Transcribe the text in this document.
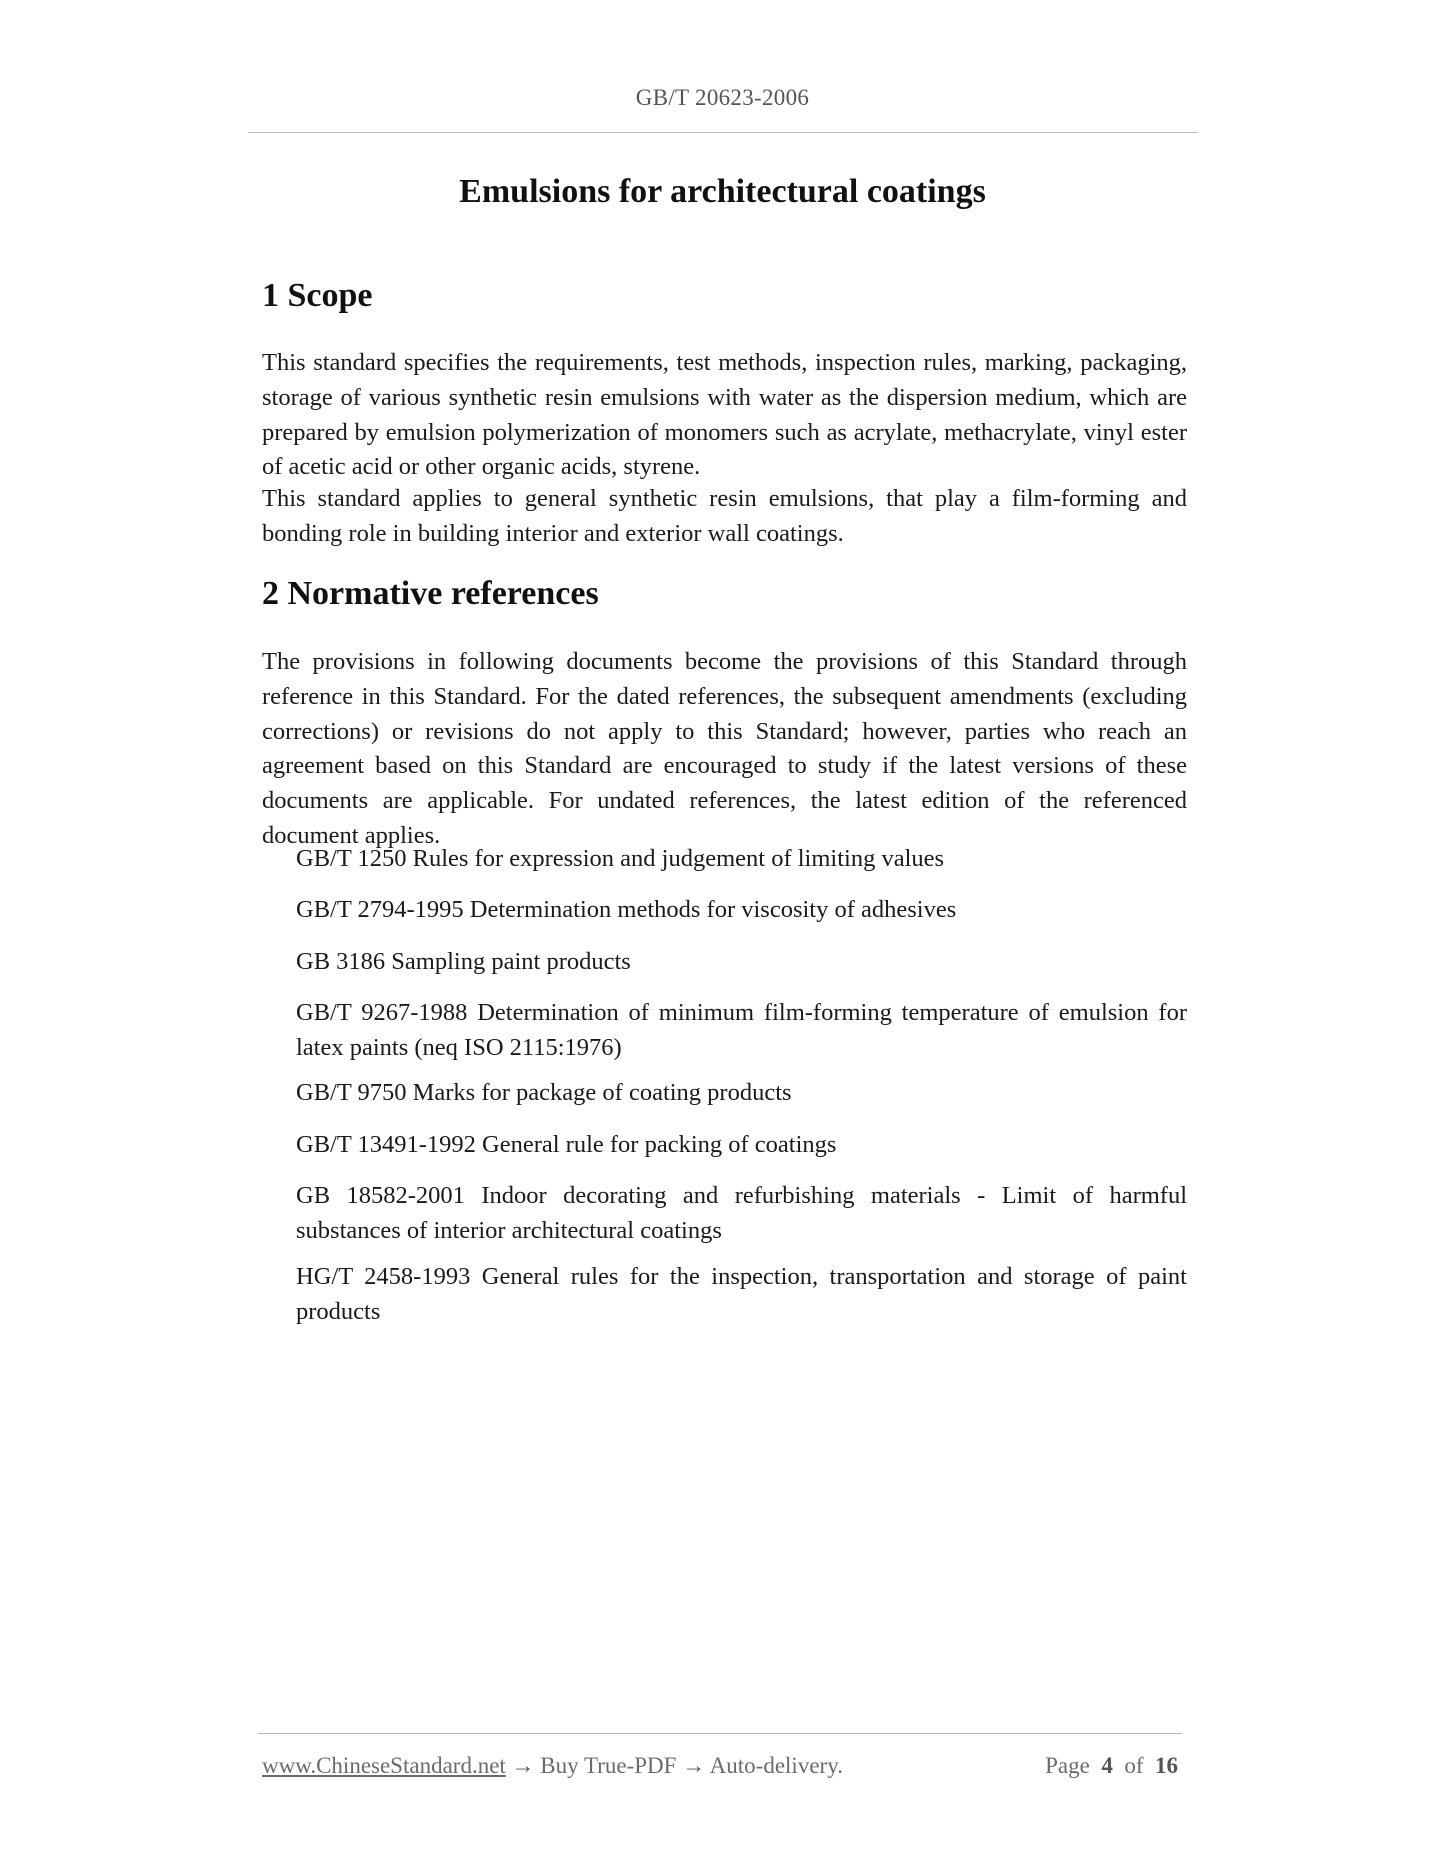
GB/T 20623-2006
Emulsions for architectural coatings
1 Scope

This standard specifies the requirements, test methods, inspection rules, marking, packaging, storage of various synthetic resin emulsions with water as the dispersion medium, which are prepared by emulsion polymerization of monomers such as acrylate, methacrylate, vinyl ester of acetic acid or other organic acids, styrene.

This standard applies to general synthetic resin emulsions, that play a film-forming and bonding role in building interior and exterior wall coatings.

2 Normative references

The provisions in following documents become the provisions of this Standard through reference in this Standard. For the dated references, the subsequent amendments (excluding corrections) or revisions do not apply to this Standard; however, parties who reach an agreement based on this Standard are encouraged to study if the latest versions of these documents are applicable. For undated references, the latest edition of the referenced document applies.

GB/T 1250 Rules for expression and judgement of limiting values

GB/T 2794-1995 Determination methods for viscosity of adhesives

GB 3186 Sampling paint products

GB/T 9267-1988 Determination of minimum film-forming temperature of emulsion for latex paints (neq ISO 2115:1976)

GB/T 9750 Marks for package of coating products

GB/T 13491-1992 General rule for packing of coatings

GB 18582-2001 Indoor decorating and refurbishing materials - Limit of harmful substances of interior architectural coatings

HG/T 2458-1993 General rules for the inspection, transportation and storage of paint products

www.ChineseStandard.net → Buy True-PDF → Auto-delivery.	Page 4 of 16
